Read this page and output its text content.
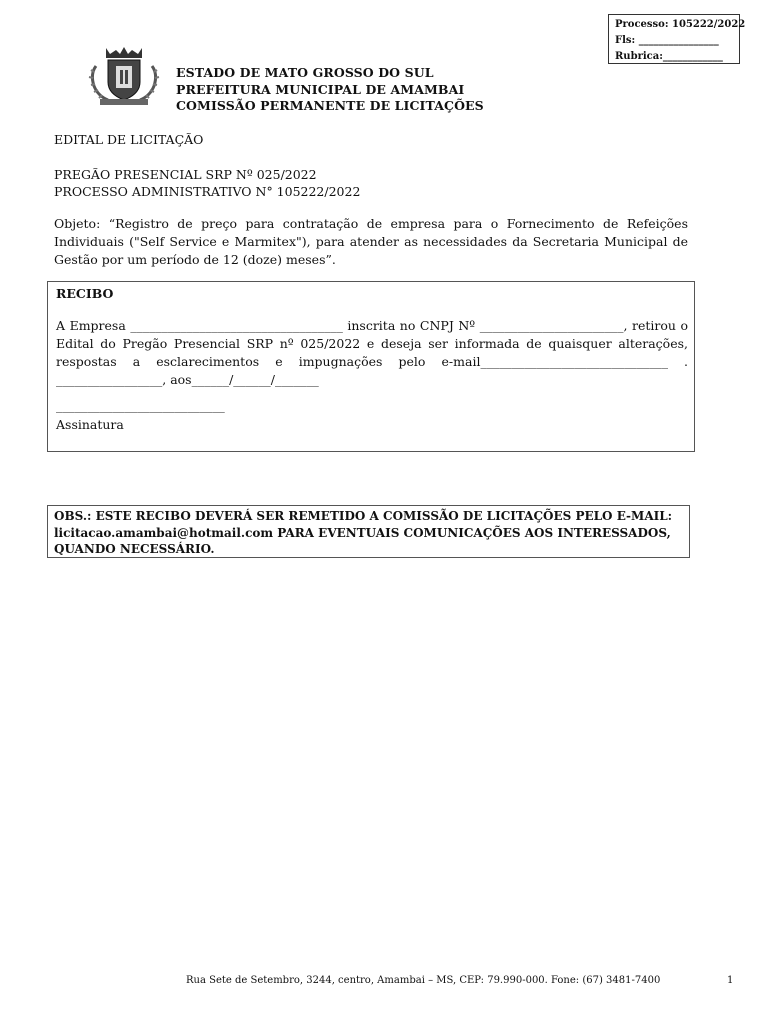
Processo: 105222/2022
Fls: ________________
Rubrica:____________
ESTADO DE MATO GROSSO DO SUL
PREFEITURA MUNICIPAL DE AMAMBAI
COMISSÃO PERMANENTE DE LICITAÇÕES
EDITAL DE LICITAÇÃO
PREGÃO PRESENCIAL SRP Nº 025/2022
PROCESSO ADMINISTRATIVO N° 105222/2022
Objeto: “Registro de preço para contratação de empresa para o Fornecimento de Refeições Individuais ("Self Service e Marmitex"), para atender as necessidades da Secretaria Municipal de Gestão por um período de 12 (doze) meses”.
RECIBO
A Empresa __________________________________ inscrita no CNPJ Nº _______________________, retirou o Edital do Pregão Presencial SRP nº 025/2022 e deseja ser informada de quaisquer alterações, respostas a esclarecimentos e impugnações pelo e-mail______________________________ . _________________, aos______/______/_______
___________________________
Assinatura
OBS.: ESTE RECIBO DEVERÁ SER REMETIDO A COMISSÃO DE LICITAÇÕES PELO E-MAIL: licitacao.amambai@hotmail.com PARA EVENTUAIS COMUNICAÇÕES AOS INTERESSADOS, QUANDO NECESSÁRIO.
Rua Sete de Setembro, 3244, centro, Amambai – MS, CEP: 79.990-000. Fone: (67) 3481-7400	1
